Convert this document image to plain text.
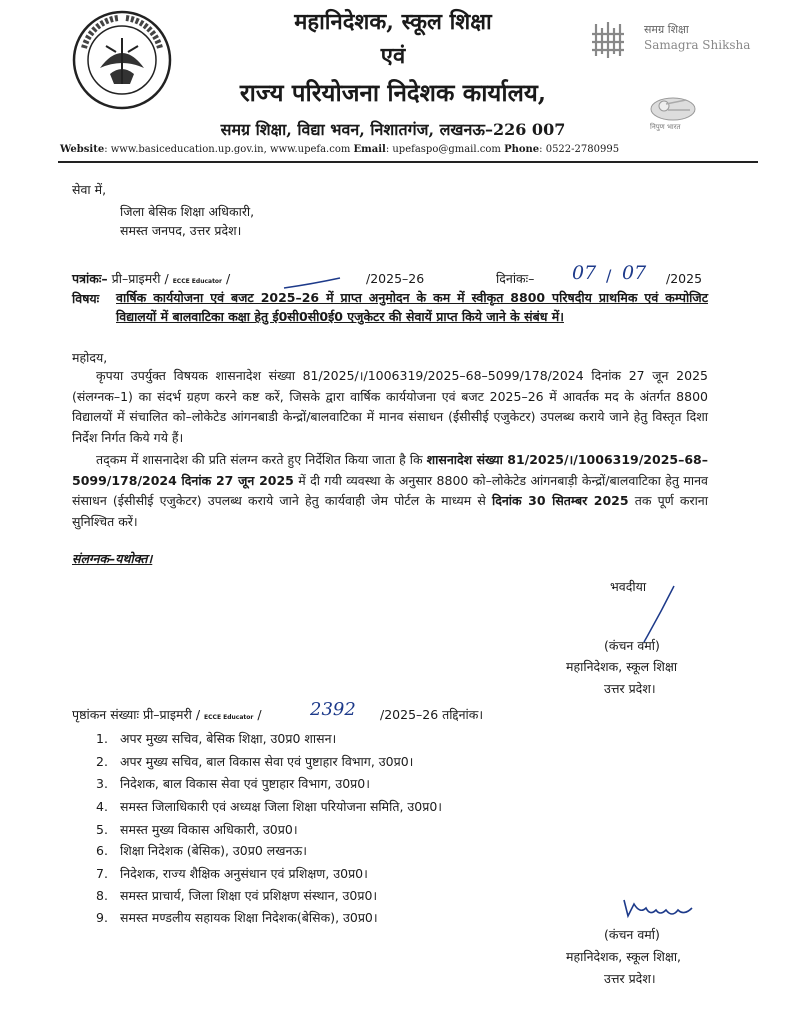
महानिदेशक, स्कूल शिक्षा
एवं
राज्य परियोजना निदेशक कार्यालय,
समग्र शिक्षा, विद्या भवन, निशातगंज, लखनऊ–226 007
समग्र शिक्षा
Samagra Shiksha
निपुण भारत
Website: www.basiceducation.up.gov.in, www.upefa.com Email: upefaspo@gmail.com Phone: 0522-2780995
सेवा में,
जिला बेसिक शिक्षा अधिकारी,
समस्त जनपद, उत्तर प्रदेश।
पत्रांकः– प्री–प्राइमरी / ECCE Educator /	/2025–26	दिनांकः– 07 / 07 /2025
विषयः वार्षिक कार्ययोजना एवं बजट 2025–26 में प्राप्त अनुमोदन के कम में स्वीकृत 8800 परिषदीय प्राथमिक एवं कम्पोजिट विद्यालयों में बालवाटिका कक्षा हेतु ई0सी0सी0ई0 एजुकेटर की सेवायें प्राप्त किये जाने के संबंध में।
महोदय,
कृपया उपर्युक्त विषयक शासनादेश संख्या 81/2025/।/1006319/2025–68–5099/178/2024 दिनांक 27 जून 2025 (संलग्नक–1) का संदर्भ ग्रहण करने कष्ट करें, जिसके द्वारा वार्षिक कार्ययोजना एवं बजट 2025–26 में आवर्तक मद के अंतर्गत 8800 विद्यालयों में संचालित को–लोकेटेड आंगनबाडी केन्द्रों/बालवाटिका में मानव संसाधन (ईसीसीई एजुकेटर) उपलब्ध कराये जाने हेतु विस्तृत दिशा निर्देश निर्गत किये गये हैं।
तद्कम में शासनादेश की प्रति संलग्न करते हुए निर्देशित किया जाता है कि शासनादेश संख्या 81/2025/।/1006319/2025–68– 5099/178/2024 दिनांक 27 जून 2025 में दी गयी व्यवस्था के अनुसार 8800 को–लोकेटेड आंगनबाड़ी केन्द्रों/बालवाटिका हेतु मानव संसाधन (ईसीसीई एजुकेटर) उपलब्ध कराये जाने हेतु कार्यवाही जेम पोर्टल के माध्यम से दिनांक 30 सितम्बर 2025 तक पूर्ण कराना सुनिश्चित करें।
संलग्नक–यथोक्त।
भवदीया
(कंचन वर्मा)
महानिदेशक, स्कूल शिक्षा
उत्तर प्रदेश।
पृष्ठांकन संख्याः प्री–प्राइमरी / ECCE Educator /	2392 /2025–26 तद्दिनांक।
1. अपर मुख्य सचिव, बेसिक शिक्षा, उ0प्र0 शासन।
2. अपर मुख्य सचिव, बाल विकास सेवा एवं पुष्टाहार विभाग, उ0प्र0।
3. निदेशक, बाल विकास सेवा एवं पुष्टाहार विभाग, उ0प्र0।
4. समस्त जिलाधिकारी एवं अध्यक्ष जिला शिक्षा परियोजना समिति, उ0प्र0।
5. समस्त मुख्य विकास अधिकारी, उ0प्र0।
6. शिक्षा निदेशक (बेसिक), उ0प्र0 लखनऊ।
7. निदेशक, राज्य शैक्षिक अनुसंधान एवं प्रशिक्षण, उ0प्र0।
8. समस्त प्राचार्य, जिला शिक्षा एवं प्रशिक्षण संस्थान, उ0प्र0।
9. समस्त मण्डलीय सहायक शिक्षा निदेशक(बेसिक), उ0प्र0।
(कंचन वर्मा)
महानिदेशक, स्कूल शिक्षा,
उत्तर प्रदेश।
